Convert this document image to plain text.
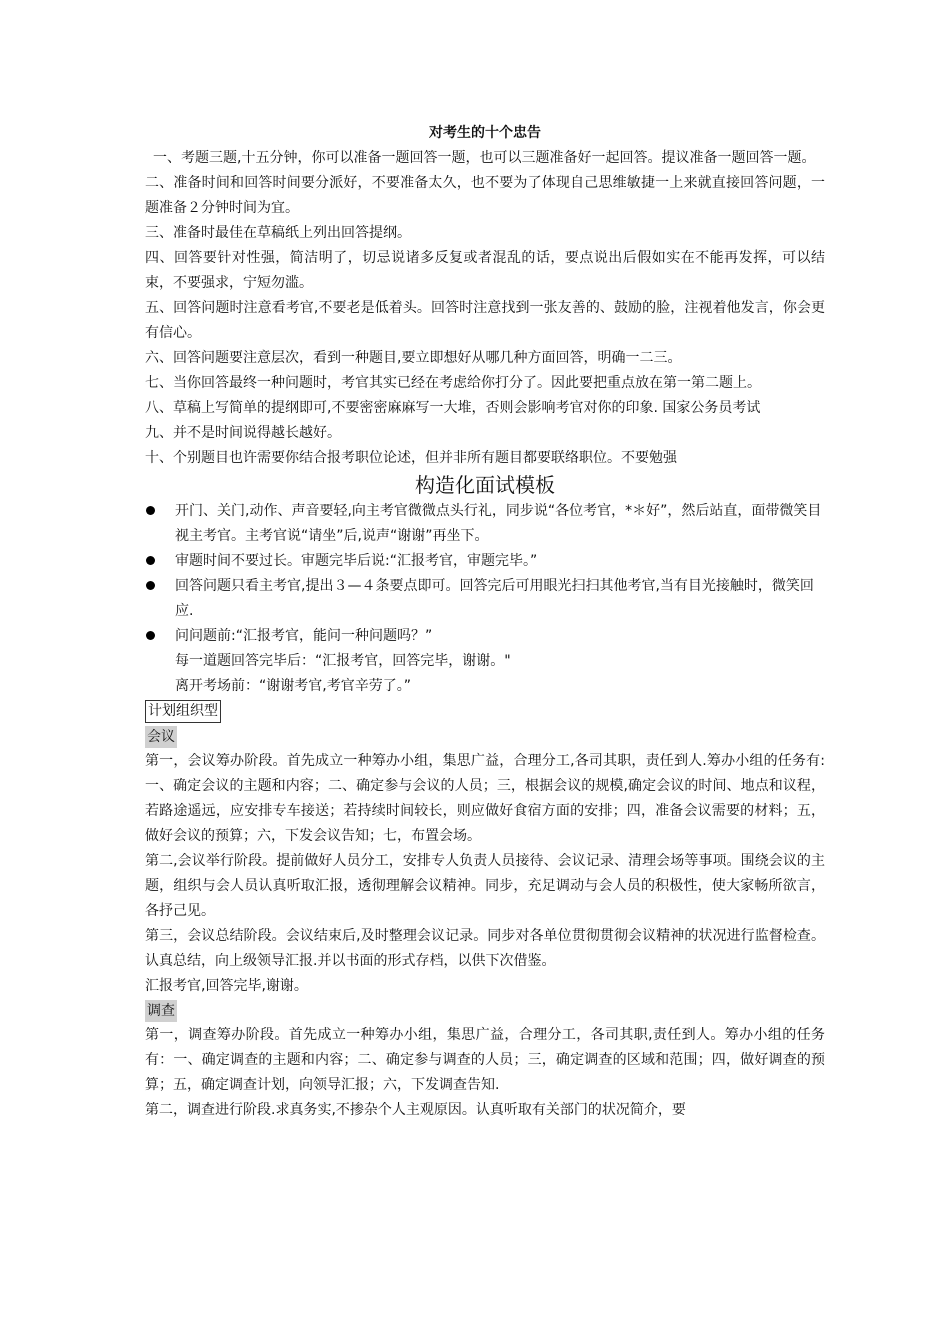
对考生的十个忠告

一、考题三题,十五分钟，你可以准备一题回答一题，也可以三题准备好一起回答。提议准备一题回答一题。

二、准备时间和回答时间要分派好，不要准备太久，也不要为了体现自己思维敏捷一上来就直接回答问题，一题准备２分钟时间为宜。

三、准备时最佳在草稿纸上列出回答提纲。

四、回答要针对性强，简洁明了，切忌说诸多反复或者混乱的话，要点说出后假如实在不能再发挥，可以结束，不要强求，宁短勿滥。

五、回答问题时注意看考官,不要老是低着头。回答时注意找到一张友善的、鼓励的脸，注视着他发言，你会更有信心。

六、回答问题要注意层次，看到一种题目,要立即想好从哪几种方面回答，明确一二三。

七、当你回答最终一种问题时，考官其实已经在考虑给你打分了。因此要把重点放在第一第二题上。

八、草稿上写简单的提纲即可,不要密密麻麻写一大堆，否则会影响考官对你的印象. 国家公务员考试

九、并不是时间说得越长越好。

十、个别题目也许需要你结合报考职位论述，但并非所有题目都要联络职位。不要勉强

构造化面试模板

开门、关门,动作、声音要轻,向主考官微微点头行礼，同步说“各位考官，*＊好”，然后站直，面带微笑目视主考官。主考官说“请坐”后,说声“谢谢”再坐下。
审题时间不要过长。审题完毕后说:“汇报考官，审题完毕。”
回答问题只看主考官,提出３—４条要点即可。回答完后可用眼光扫扫其他考官,当有目光接触时，微笑回应.
问问题前:“汇报考官，能问一种问题吗？”

每一道题回答完毕后：“汇报考官，回答完毕，谢谢。"

离开考场前：“谢谢考官,考官辛劳了。”

计划组织型
会议

第一，会议筹办阶段。首先成立一种筹办小组，集思广益，合理分工,各司其职，责任到人.筹办小组的任务有:一、确定会议的主题和内容；二、确定参与会议的人员；三，根据会议的规模,确定会议的时间、地点和议程，若路途遥远，应安排专车接送；若持续时间较长，则应做好食宿方面的安排；四，准备会议需要的材料；五，做好会议的预算；六，下发会议告知；七，布置会场。

第二,会议举行阶段。提前做好人员分工，安排专人负责人员接待、会议记录、清理会场等事项。围绕会议的主题，组织与会人员认真听取汇报，透彻理解会议精神。同步，充足调动与会人员的积极性，使大家畅所欲言，各抒己见。

第三，会议总结阶段。会议结束后,及时整理会议记录。同步对各单位贯彻贯彻会议精神的状况进行监督检查。认真总结，向上级领导汇报.并以书面的形式存档，以供下次借鉴。

汇报考官,回答完毕,谢谢。

调查

第一，调查筹办阶段。首先成立一种筹办小组，集思广益，合理分工，各司其职,责任到人。筹办小组的任务有：一、确定调查的主题和内容；二、确定参与调查的人员；三，确定调查的区域和范围；四，做好调查的预算；五，确定调查计划，向领导汇报；六，下发调查告知.

第二，调查进行阶段.求真务实,不掺杂个人主观原因。认真听取有关部门的状况简介，要
